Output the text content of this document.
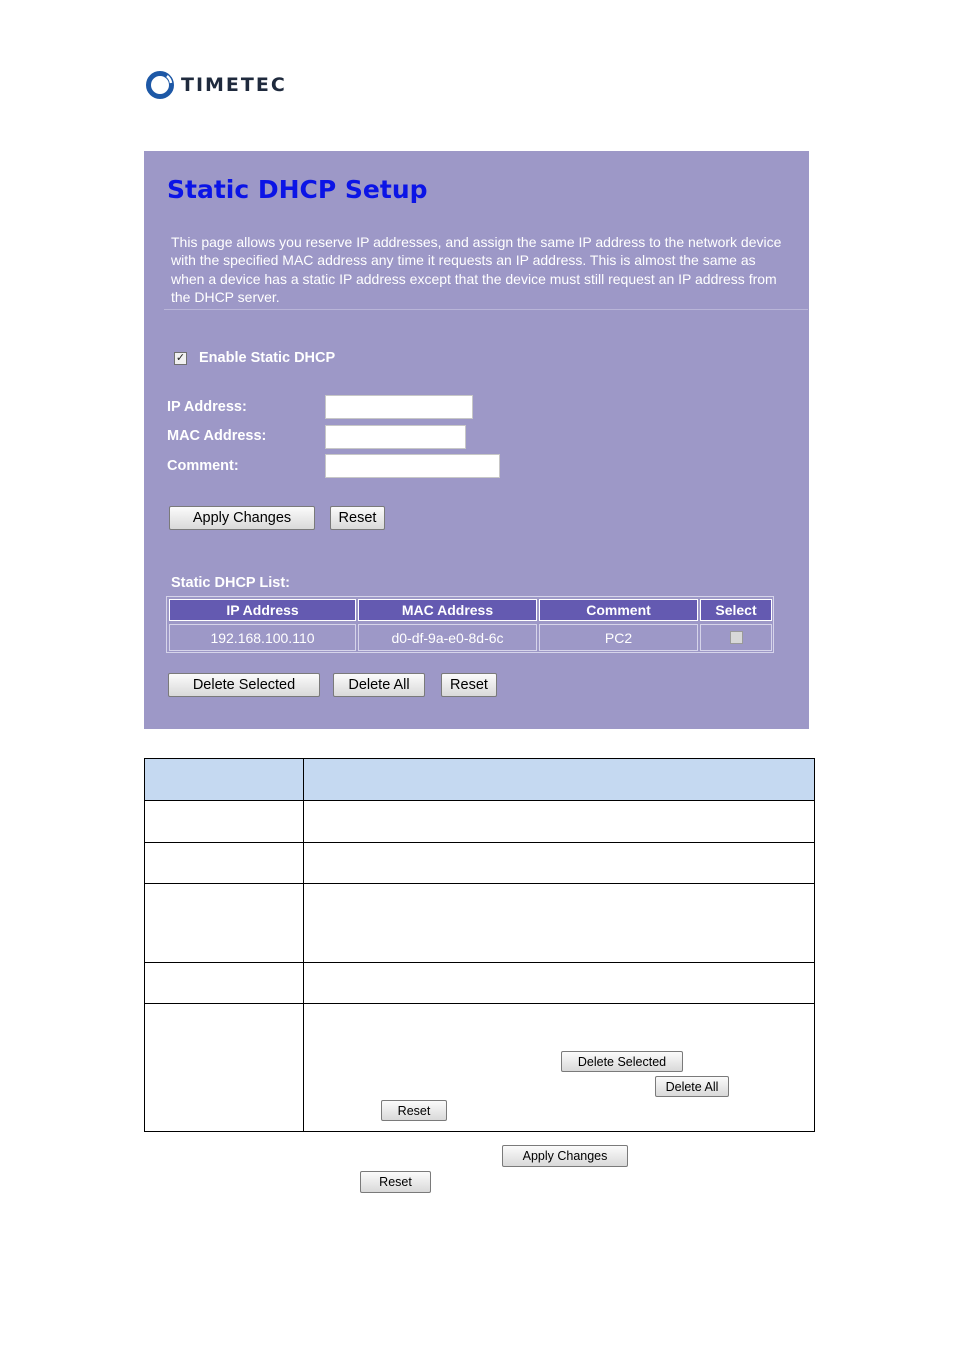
TIMETEC
Static DHCP Setup
This page allows you reserve IP addresses, and assign the same IP address to the network device with the specified MAC address any time it requests an IP address. This is almost the same as when a device has a static IP address except that the device must still request an IP address from the DHCP server.
✓ Enable Static DHCP
IP Address:
MAC Address:
Comment:
Apply Changes	Reset
Static DHCP List:
IP Address	MAC Address	Comment	Select
192.168.100.110	d0-df-9a-e0-8d-6c	PC2
Delete Selected	Delete All	Reset

Delete Selected
Delete All
Reset
Apply Changes
Reset
